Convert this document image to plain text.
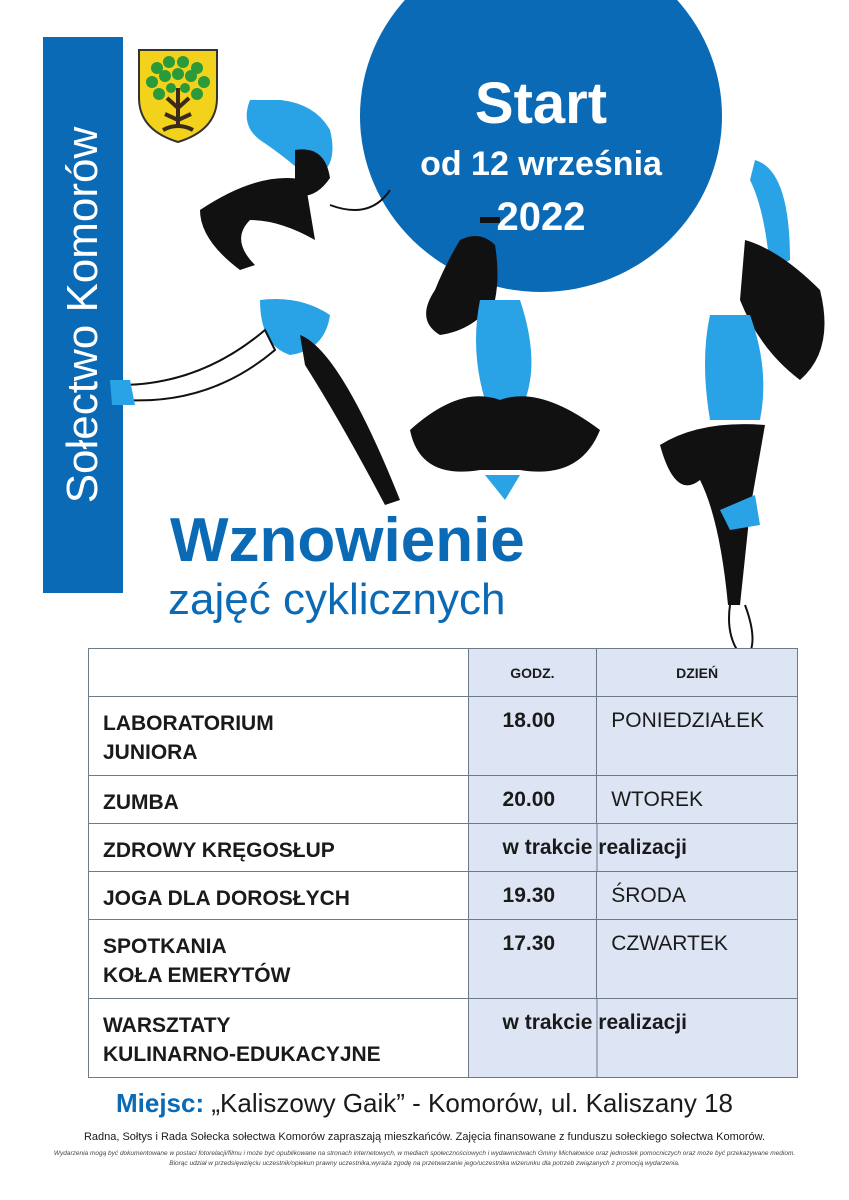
Sołectwo Komorów
Start
od 12 września
2022
Wznowienie
zajęć cyklicznych
	GODZ.	DZIEŃ

LABORATORIUM
JUNIORA	18.00	PONIEDZIAŁEK

ZUMBA	20.00	WTOREK

ZDROWY KRĘGOSŁUP	w trakcie realizacji	

JOGA DLA DOROSŁYCH	19.30	ŚRODA

SPOTKANIA
KOŁA EMERYTÓW	17.30	CZWARTEK

WARSZTATY
KULINARNO-EDUKACYJNE	w trakcie realizacji	
Miejsc: „Kaliszowy Gaik” - Komorów, ul. Kaliszany 18
Radna, Sołtys i Rada Sołecka sołectwa Komorów zapraszają mieszkańców. Zajęcia finansowane z funduszu sołeckiego sołectwa Komorów.
Wydarzenia mogą być dokumentowane w postaci fotorelacji/filmu i może być opublikowane na stronach internetowych, w mediach społecznościowych i wydawnictwach Gminy Michałowice oraz jednostek pomocniczych oraz może być przekazywane mediom.
Biorąc udział w przedsięwzięciu uczestnik/opiekun prawny uczestnika,wyraża zgodę na przetwarzanie jego/uczestnika wizerunku dla potrzeb związanych z promocją wydarzenia.
